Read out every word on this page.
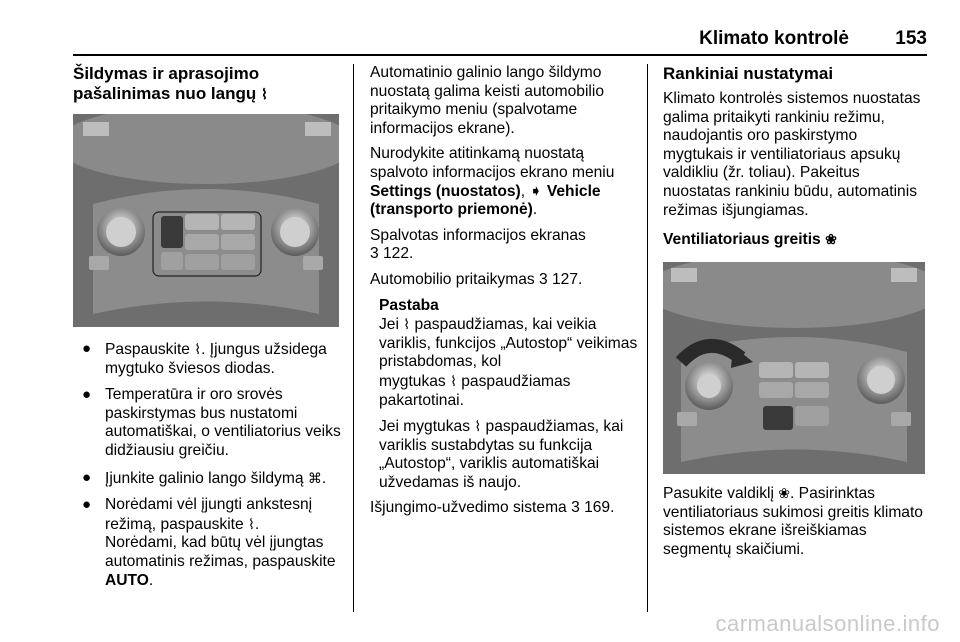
Klimato kontrolė 153
Šildymas ir aprasojimo
pašalinimas nuo langų ⌇
● Paspauskite ⌇. Įjungus užsidega mygtuko šviesos diodas.
● Temperatūra ir oro srovės paskirstymas bus nustatomi automatiškai, o ventiliatorius veiks didžiausiu greičiu.
● Įjunkite galinio lango šildymą ⌘.
● Norėdami vėl įjungti ankstesnį režimą, paspauskite ⌇.
Norėdami, kad būtų vėl įjungtas automatinis režimas, paspauskite AUTO.

Automatinio galinio lango šildymo nuostatą galima keisti automobilio pritaikymo meniu (spalvotame informacijos ekrane).

Nurodykite atitinkamą nuostatą spalvoto informacijos ekrano meniu Settings (nuostatos), ➧ Vehicle (transporto priemonė).

Spalvotas informacijos ekranas
3 122.

Automobilio pritaikymas 3 127.

Pastaba

Jei ⌇ paspaudžiamas, kai veikia variklis, funkcijos „Autostop“ veikimas pristabdomas, kol
mygtukas ⌇ paspaudžiamas pakartotinai.

Jei mygtukas ⌇ paspaudžiamas, kai variklis sustabdytas su funkcija „Autostop“, variklis automatiškai užvedamas iš naujo.

Išjungimo-užvedimo sistema 3 169.

Rankiniai nustatymai

Klimato kontrolės sistemos nuostatas galima pritaikyti rankiniu režimu, naudojantis oro paskirstymo mygtukais ir ventiliatoriaus apsukų valdikliu (žr. toliau). Pakeitus nuostatas rankiniu būdu, automatinis režimas išjungiamas.

Ventiliatoriaus greitis ❀

Pasukite valdiklį ❀. Pasirinktas ventiliatoriaus sukimosi greitis klimato sistemos ekrane išreiškiamas segmentų skaičiumi.

carmanualsonline.info
